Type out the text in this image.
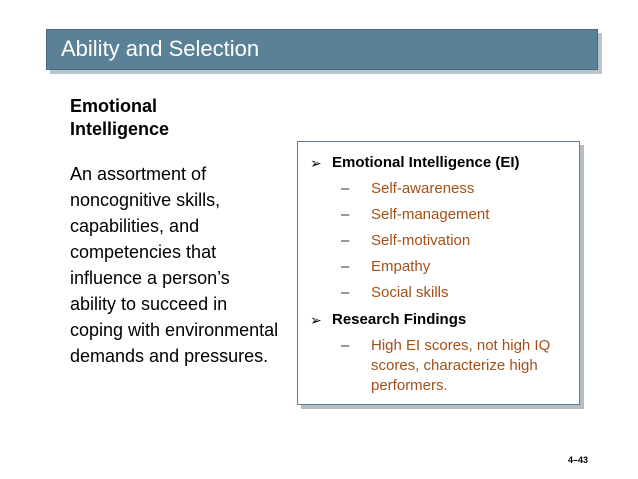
Ability and Selection
Emotional Intelligence

An assortment of noncognitive skills, capabilities, and competencies that influence a person’s ability to succeed in coping with environmental demands and pressures.

➢ Emotional Intelligence (EI)
– Self-awareness
– Self-management
– Self-motivation
– Empathy
– Social skills
➢ Research Findings
–	High EI scores, not high IQ scores, characterize high performers.

4–43
